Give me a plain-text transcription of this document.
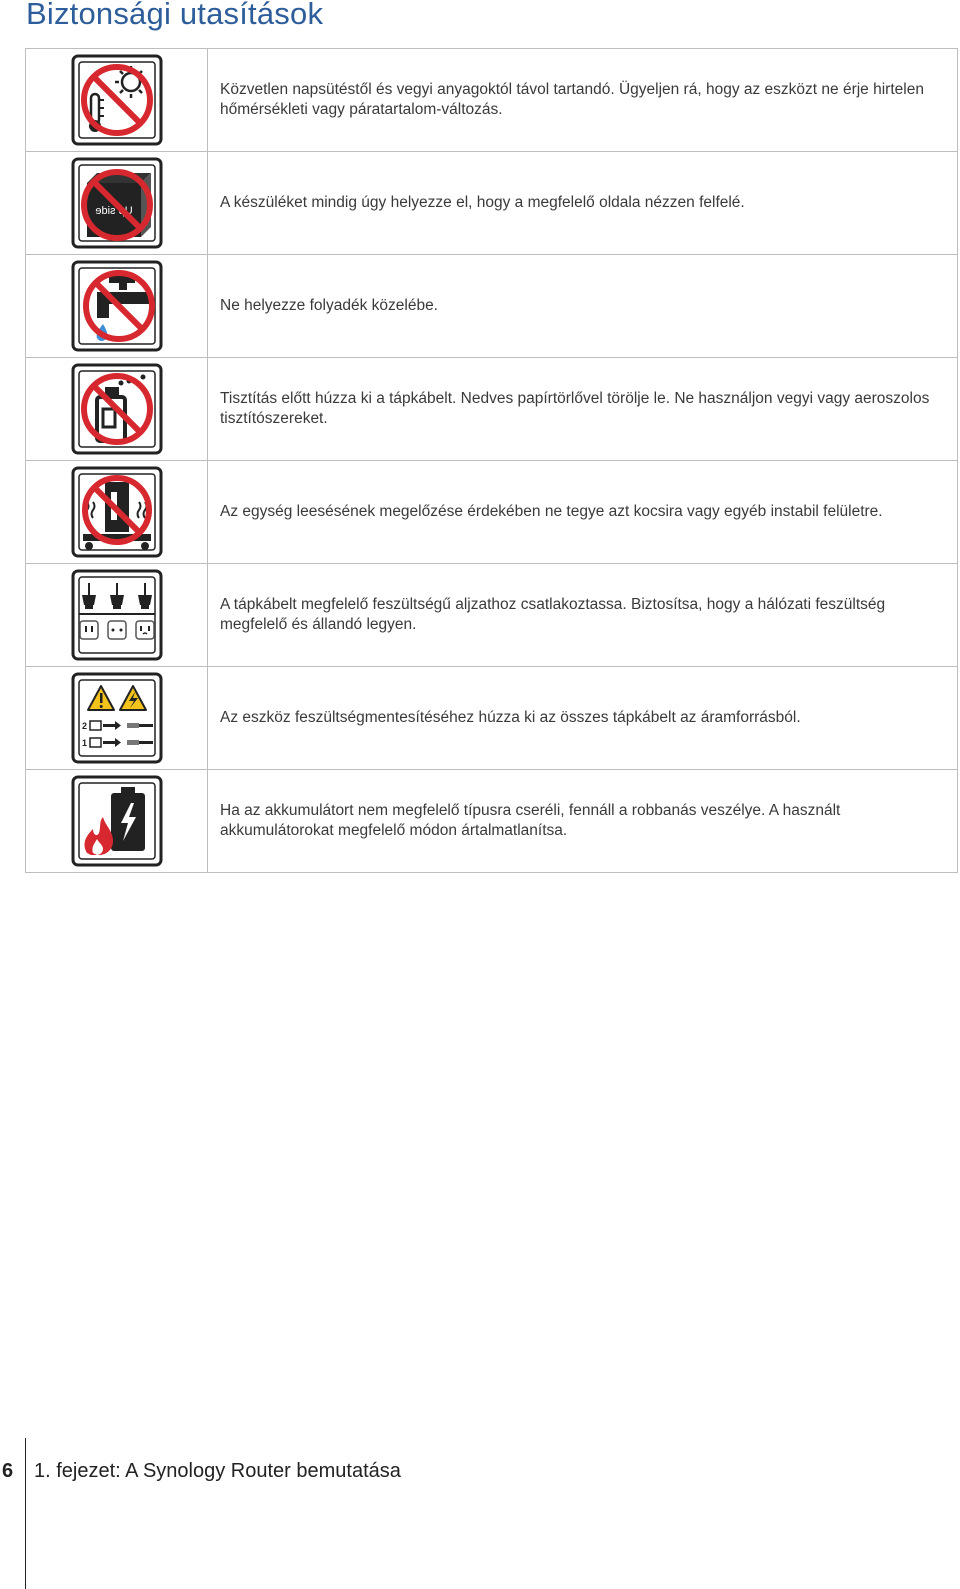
Biztonsági utasítások
	Közvetlen napsütéstől és vegyi anyagoktól távol tartandó. Ügyeljen rá, hogy az eszközt ne érje hirtelen hőmérsékleti vagy páratartalom-változás.

ɘbiƨ qU	A készüléket mindig úgy helyezze el, hogy a megfelelő oldala nézzen felfelé.

	Ne helyezze folyadék közelébe.

	Tisztítás előtt húzza ki a tápkábelt. Nedves papírtörlővel törölje le. Ne használjon vegyi vagy aeroszolos tisztítószereket.

	Az egység leesésének megelőzése érdekében ne tegye azt kocsira vagy egyéb instabil felületre.

	A tápkábelt megfelelő feszültségű aljzathoz csatlakoztassa. Biztosítsa, hogy a hálózati feszültség megfelelő és állandó legyen.

2
1	Az eszköz feszültségmentesítéséhez húzza ki az összes tápkábelt az áramforrásból.

	Ha az akkumulátort nem megfelelő típusra cseréli, fennáll a robbanás veszélye. A használt akkumulátorokat megfelelő módon ártalmatlanítsa.
6 1. fejezet: A Synology Router bemutatása
